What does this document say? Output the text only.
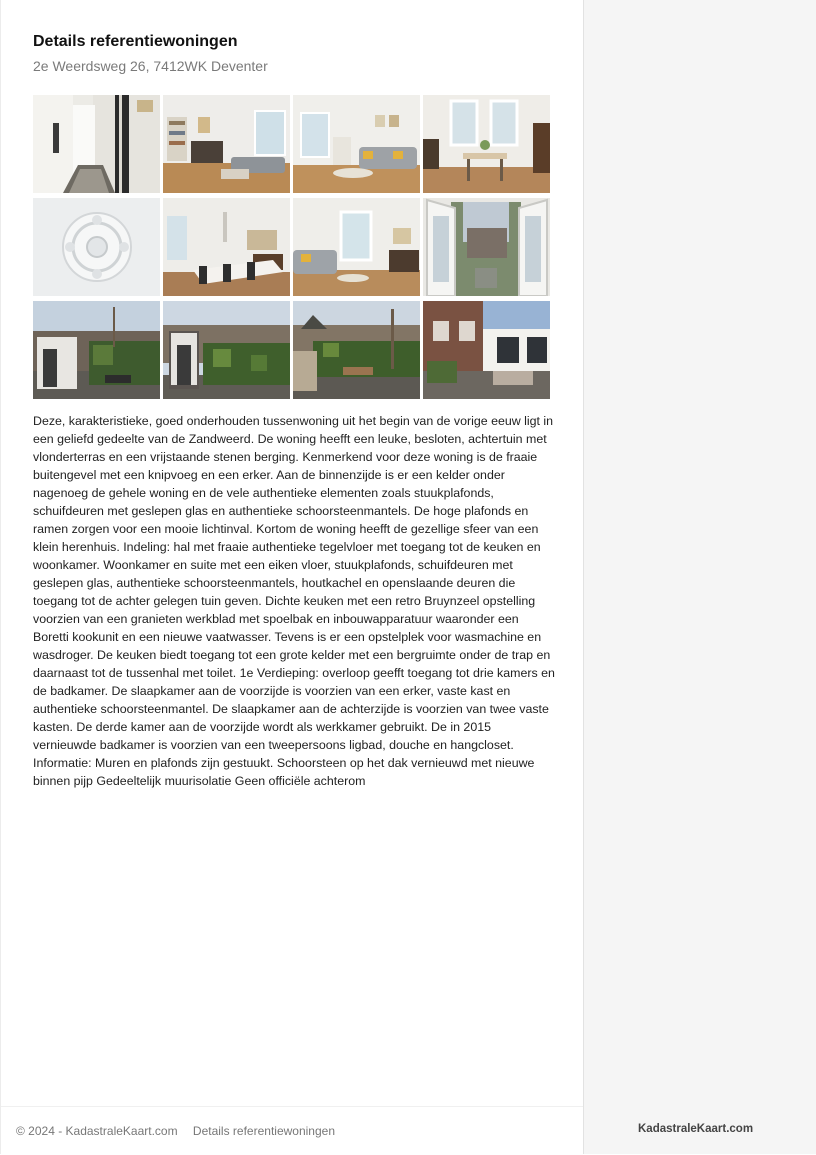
Details referentiewoningen
2e Weerdsweg 26, 7412WK Deventer

Deze, karakteristieke, goed onderhouden tussenwoning uit het begin van de vorige eeuw ligt in een geliefd gedeelte van de Zandweerd. De woning heefft een leuke, besloten, achtertuin met vlonderterras en een vrijstaande stenen berging. Kenmerkend voor deze woning is de fraaie buitengevel met een knipvoeg en een erker. Aan de binnenzijde is er een kelder onder nagenoeg de gehele woning en de vele authentieke elementen zoals stuukplafonds, schuifdeuren met geslepen glas en authentieke schoorsteenmantels. De hoge plafonds en ramen zorgen voor een mooie lichtinval. Kortom de woning heefft de gezellige sfeer van een klein herenhuis. Indeling: hal met fraaie authentieke tegelvloer met toegang tot de keuken en woonkamer. Woonkamer en suite met een eiken vloer, stuukplafonds, schuifdeuren met geslepen glas, authentieke schoorsteenmantels, houtkachel en openslaande deuren die toegang tot de achter gelegen tuin geven. Dichte keuken met een retro Bruynzeel opstelling voorzien van een granieten werkblad met spoelbak en inbouwapparatuur waaronder een Boretti kookunit en een nieuwe vaatwasser. Tevens is er een opstelplek voor wasmachine en wasdroger. De keuken biedt toegang tot een grote kelder met een bergruimte onder de trap en daarnaast tot de tussenhal met toilet. 1e Verdieping: overloop geefft toegang tot drie kamers en de badkamer. De slaapkamer aan de voorzijde is voorzien van een erker, vaste kast en authentieke schoorsteenmantel. De slaapkamer aan de achterzijde is voorzien van twee vaste kasten. De derde kamer aan de voorzijde wordt als werkkamer gebruikt. De in 2015 vernieuwde badkamer is voorzien van een tweepersoons ligbad, douche en hangcloset. Informatie: Muren en plafonds zijn gestuukt. Schoorsteen op het dak vernieuwd met nieuwe binnen pijp Gedeeltelijk muurisolatie Geen officiële achterom

© 2024 - KadastraleKaart.com Details referentiewoningen	KadastraleKaart.com
